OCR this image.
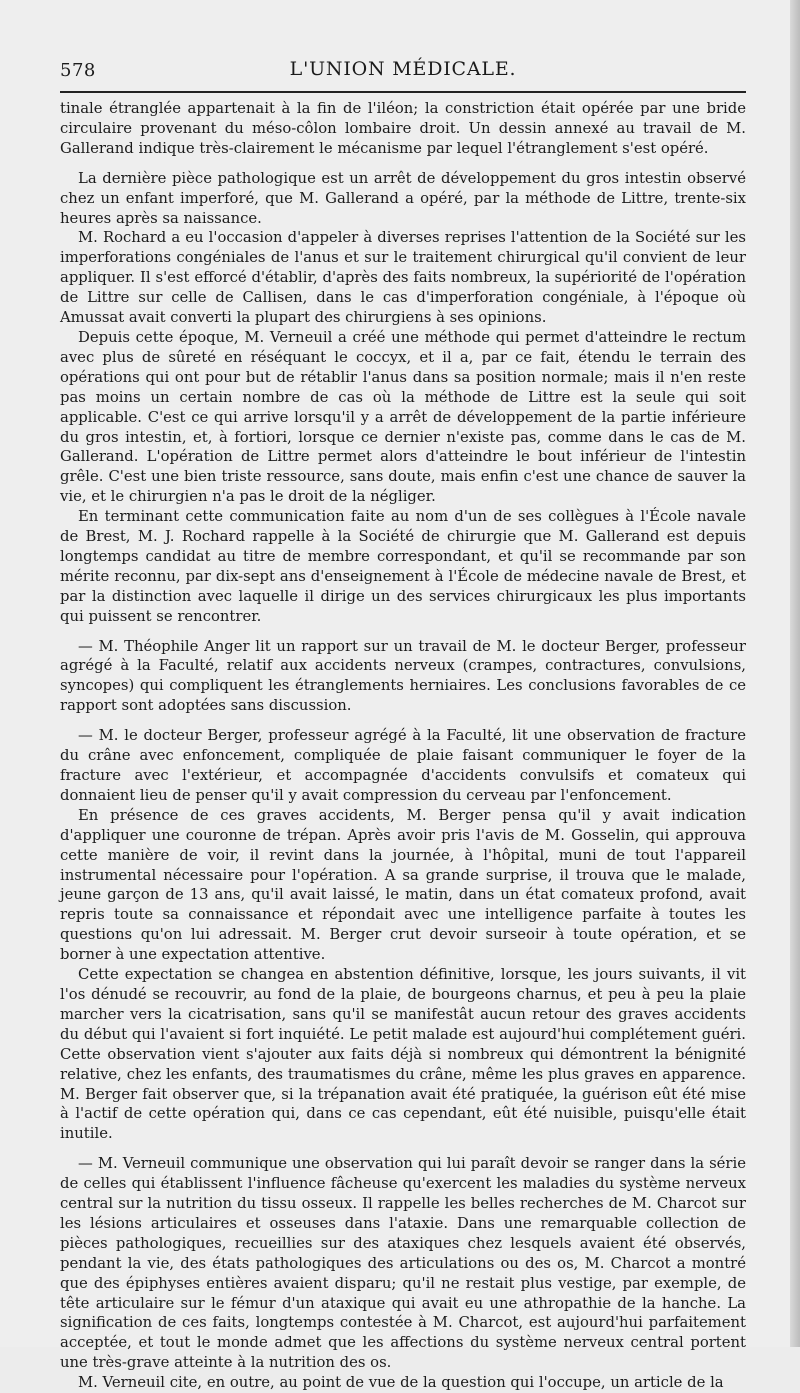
578	L'UNION MÉDICALE.

tinale étranglée appartenait à la fin de l'iléon; la constriction était opérée par une bride circulaire provenant du méso-côlon lombaire droit. Un dessin annexé au travail de M. Gallerand indique très-clairement le mécanisme par lequel l'étranglement s'est opéré.

La dernière pièce pathologique est un arrêt de développement du gros intestin observé chez un enfant imperforé, que M. Gallerand a opéré, par la méthode de Littre, trente-six heures après sa naissance.

M. Rochard a eu l'occasion d'appeler à diverses reprises l'attention de la Société sur les imperforations congéniales de l'anus et sur le traitement chirurgical qu'il convient de leur appliquer. Il s'est efforcé d'établir, d'après des faits nombreux, la supériorité de l'opération de Littre sur celle de Callisen, dans le cas d'imperforation congéniale, à l'époque où Amussat avait converti la plupart des chirurgiens à ses opinions.

Depuis cette époque, M. Verneuil a créé une méthode qui permet d'atteindre le rectum avec plus de sûreté en réséquant le coccyx, et il a, par ce fait, étendu le terrain des opérations qui ont pour but de rétablir l'anus dans sa position normale; mais il n'en reste pas moins un certain nombre de cas où la méthode de Littre est la seule qui soit applicable. C'est ce qui arrive lorsqu'il y a arrêt de développement de la partie inférieure du gros intestin, et, à fortiori, lorsque ce dernier n'existe pas, comme dans le cas de M. Gallerand. L'opération de Littre permet alors d'atteindre le bout inférieur de l'intestin grêle. C'est une bien triste ressource, sans doute, mais enfin c'est une chance de sauver la vie, et le chirurgien n'a pas le droit de la négliger.

En terminant cette communication faite au nom d'un de ses collègues à l'École navale de Brest, M. J. Rochard rappelle à la Société de chirurgie que M. Gallerand est depuis longtemps candidat au titre de membre correspondant, et qu'il se recommande par son mérite reconnu, par dix-sept ans d'enseignement à l'École de médecine navale de Brest, et par la distinction avec laquelle il dirige un des services chirurgicaux les plus importants qui puissent se rencontrer.

— M. Théophile Anger lit un rapport sur un travail de M. le docteur Berger, professeur agrégé à la Faculté, relatif aux accidents nerveux (crampes, contractures, convulsions, syncopes) qui compliquent les étranglements herniaires. Les conclusions favorables de ce rapport sont adoptées sans discussion.

— M. le docteur Berger, professeur agrégé à la Faculté, lit une observation de fracture du crâne avec enfoncement, compliquée de plaie faisant communiquer le foyer de la fracture avec l'extérieur, et accompagnée d'accidents convulsifs et comateux qui donnaient lieu de penser qu'il y avait compression du cerveau par l'enfoncement.

En présence de ces graves accidents, M. Berger pensa qu'il y avait indication d'appliquer une couronne de trépan. Après avoir pris l'avis de M. Gosselin, qui approuva cette manière de voir, il revint dans la journée, à l'hôpital, muni de tout l'appareil instrumental nécessaire pour l'opération. A sa grande surprise, il trouva que le malade, jeune garçon de 13 ans, qu'il avait laissé, le matin, dans un état comateux profond, avait repris toute sa connaissance et répondait avec une intelligence parfaite à toutes les questions qu'on lui adressait. M. Berger crut devoir surseoir à toute opération, et se borner à une expectation attentive.

Cette expectation se changea en abstention définitive, lorsque, les jours suivants, il vit l'os dénudé se recouvrir, au fond de la plaie, de bourgeons charnus, et peu à peu la plaie marcher vers la cicatrisation, sans qu'il se manifestât aucun retour des graves accidents du début qui l'avaient si fort inquiété. Le petit malade est aujourd'hui complétement guéri. Cette observation vient s'ajouter aux faits déjà si nombreux qui démontrent la bénignité relative, chez les enfants, des traumatismes du crâne, même les plus graves en apparence. M. Berger fait observer que, si la trépanation avait été pratiquée, la guérison eût été mise à l'actif de cette opération qui, dans ce cas cependant, eût été nuisible, puisqu'elle était inutile.

— M. Verneuil communique une observation qui lui paraît devoir se ranger dans la série de celles qui établissent l'influence fâcheuse qu'exercent les maladies du système nerveux central sur la nutrition du tissu osseux. Il rappelle les belles recherches de M. Charcot sur les lésions articulaires et osseuses dans l'ataxie. Dans une remarquable collection de pièces pathologiques, recueillies sur des ataxiques chez lesquels avaient été observés, pendant la vie, des états pathologiques des articulations ou des os, M. Charcot a montré que des épiphyses entières avaient disparu; qu'il ne restait plus vestige, par exemple, de tête articulaire sur le fémur d'un ataxique qui avait eu une athropathie de la hanche. La signification de ces faits, longtemps contestée à M. Charcot, est aujourd'hui parfaitement acceptée, et tout le monde admet que les affections du système nerveux central portent une très-grave atteinte à la nutrition des os.

M. Verneuil cite, en outre, au point de vue de la question qui l'occupe, un article de la
